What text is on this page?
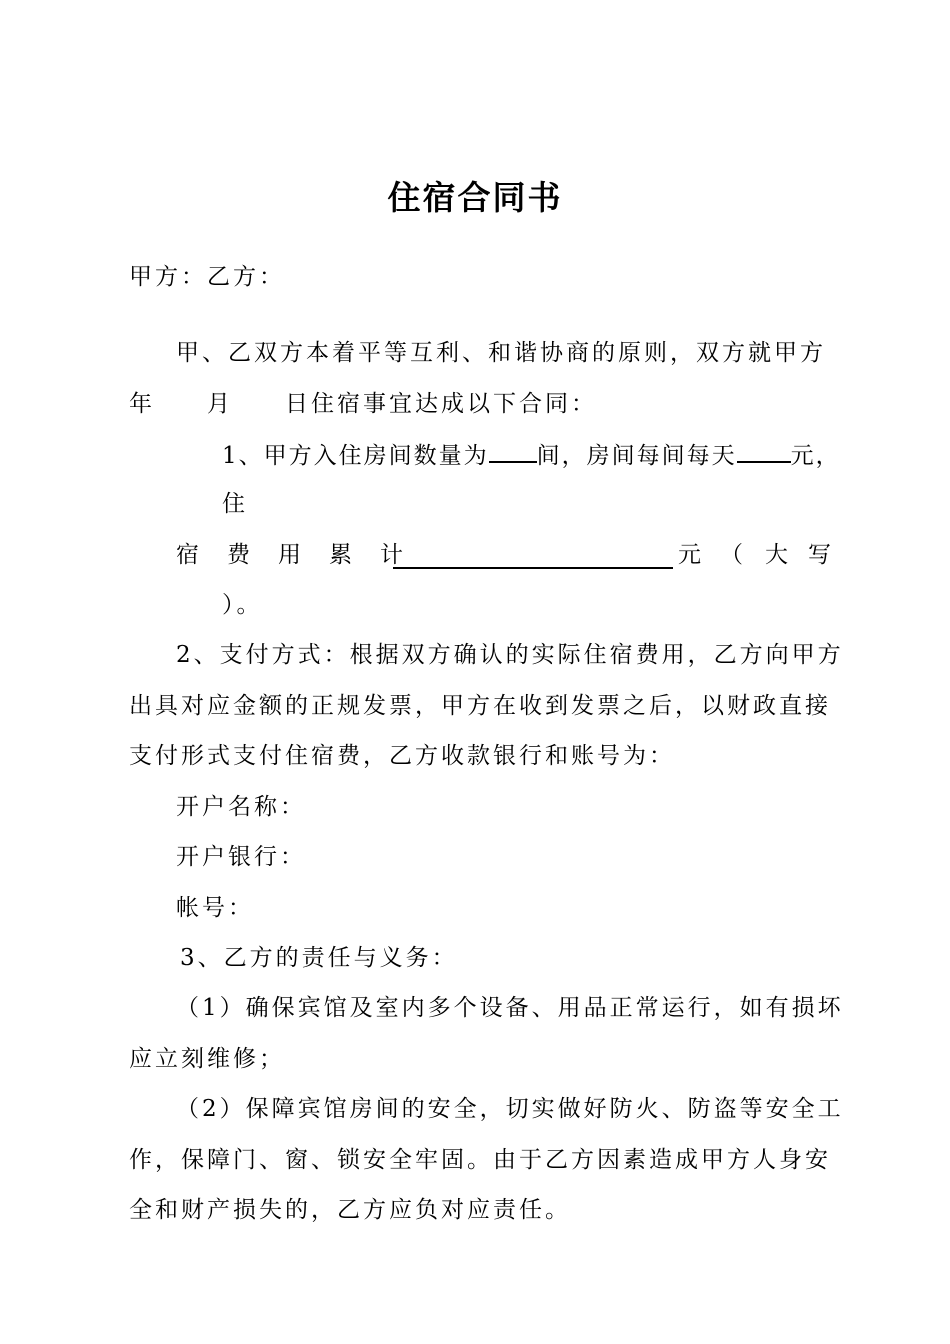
住宿合同书
甲方：乙方：
甲、乙双方本着平等互利、和谐协商的原则，双方就甲方
年 月 日住宿事宜达成以下合同：
1、甲方入住房间数量为 间，房间每间每天 元，
住
宿费用累计	元 （ 大 写
）。
2、支付方式：根据双方确认的实际住宿费用，乙方向甲方
出具对应金额的正规发票，甲方在收到发票之后，以财政直接
支付形式支付住宿费，乙方收款银行和账号为：
开户名称：
开户银行：
帐号：
3、乙方的责任与义务：
（1）确保宾馆及室内多个设备、用品正常运行，如有损坏
应立刻维修；
（2）保障宾馆房间的安全，切实做好防火、防盗等安全工
作，保障门、窗、锁安全牢固。由于乙方因素造成甲方人身安
全和财产损失的，乙方应负对应责任。
